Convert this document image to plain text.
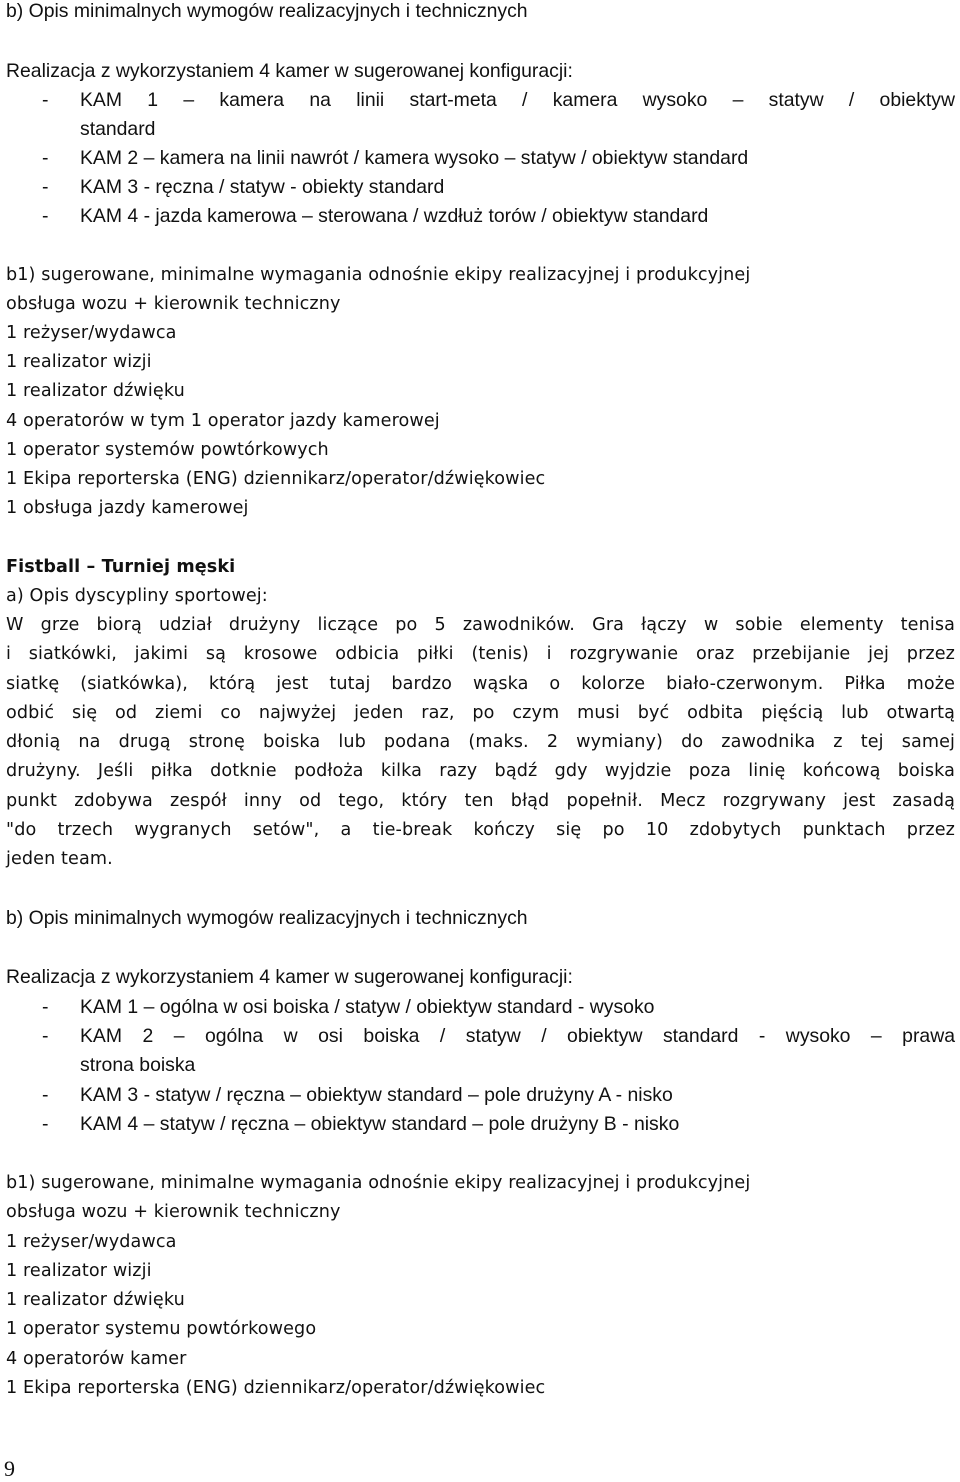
b) Opis minimalnych wymogów realizacyjnych i technicznych
Realizacja z wykorzystaniem 4 kamer w sugerowanej konfiguracji:
- KAM 1 – kamera na linii start-meta / kamera wysoko – statyw / obiektyw
standard
- KAM 2 – kamera na linii nawrót / kamera wysoko – statyw / obiektyw standard
- KAM 3 - ręczna / statyw - obiekty standard
- KAM 4 - jazda kamerowa – sterowana / wzdłuż torów / obiektyw standard
b1) sugerowane, minimalne wymagania odnośnie ekipy realizacyjnej i produkcyjnej
obsługa wozu + kierownik techniczny
1 reżyser/wydawca
1 realizator wizji
1 realizator dźwięku
4 operatorów w tym 1 operator jazdy kamerowej
1 operator systemów powtórkowych
1 Ekipa reporterska (ENG) dziennikarz/operator/dźwiękowiec
1 obsługa jazdy kamerowej
Fistball – Turniej męski
a) Opis dyscypliny sportowej:
W grze biorą udział drużyny liczące po 5 zawodników. Gra łączy w sobie elementy tenisa
i siatkówki, jakimi są krosowe odbicia piłki (tenis) i rozgrywanie oraz przebijanie jej przez
siatkę (siatkówka), którą jest tutaj bardzo wąska o kolorze biało-czerwonym. Piłka może
odbić się od ziemi co najwyżej jeden raz, po czym musi być odbita pięścią lub otwartą
dłonią na drugą stronę boiska lub podana (maks. 2 wymiany) do zawodnika z tej samej
drużyny. Jeśli piłka dotknie podłoża kilka razy bądź gdy wyjdzie poza linię końcową boiska
punkt zdobywa zespół inny od tego, który ten błąd popełnił. Mecz rozgrywany jest zasadą
"do trzech wygranych setów", a tie-break kończy się po 10 zdobytych punktach przez
jeden team.
b) Opis minimalnych wymogów realizacyjnych i technicznych
Realizacja z wykorzystaniem 4 kamer w sugerowanej konfiguracji:
- KAM 1 – ogólna w osi boiska / statyw / obiektyw standard - wysoko
- KAM 2 – ogólna w osi boiska / statyw / obiektyw standard - wysoko – prawa
strona boiska
- KAM 3 - statyw / ręczna – obiektyw standard – pole drużyny A - nisko
- KAM 4 – statyw / ręczna – obiektyw standard – pole drużyny B - nisko
b1) sugerowane, minimalne wymagania odnośnie ekipy realizacyjnej i produkcyjnej
obsługa wozu + kierownik techniczny
1 reżyser/wydawca
1 realizator wizji
1 realizator dźwięku
1 operator systemu powtórkowego
4 operatorów kamer
1 Ekipa reporterska (ENG) dziennikarz/operator/dźwiękowiec
9
